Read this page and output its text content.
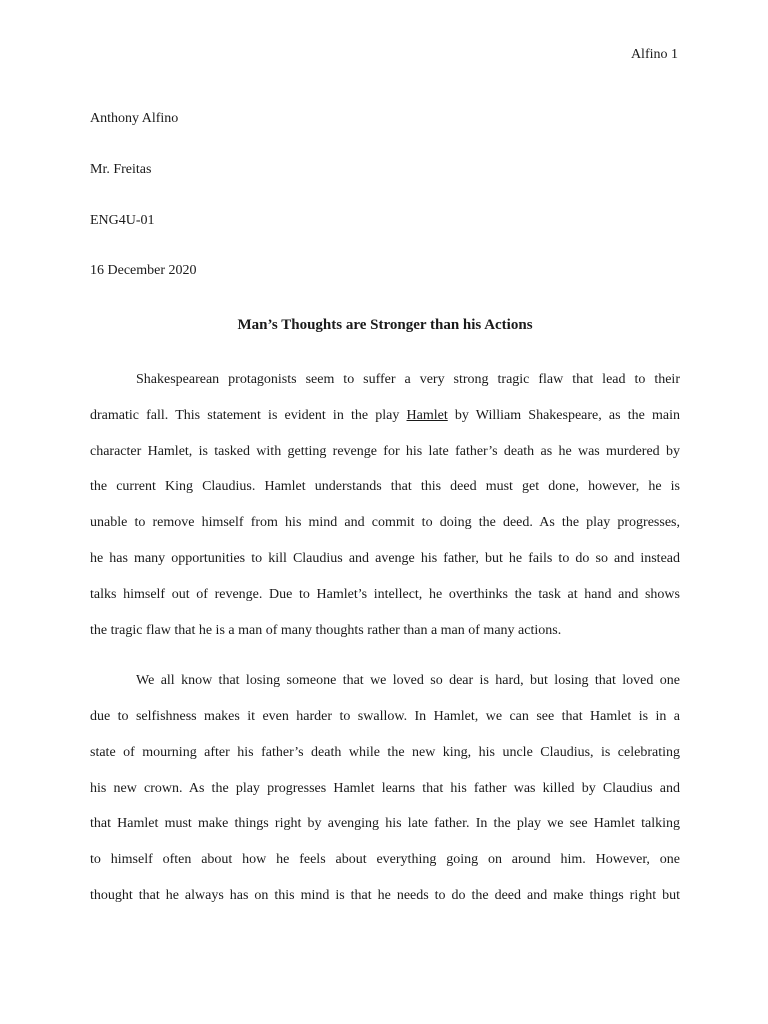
Alfino 1
Anthony Alfino
Mr. Freitas
ENG4U-01
16 December 2020
Man’s Thoughts are Stronger than his Actions
Shakespearean protagonists seem to suffer a very strong tragic flaw that lead to their
dramatic fall. This statement is evident in the play Hamlet by William Shakespeare, as the main
character Hamlet, is tasked with getting revenge for his late father’s death as he was murdered by
the current King Claudius. Hamlet understands that this deed must get done, however, he is
unable to remove himself from his mind and commit to doing the deed. As the play progresses,
he has many opportunities to kill Claudius and avenge his father, but he fails to do so and instead
talks himself out of revenge. Due to Hamlet’s intellect, he overthinks the task at hand and shows
the tragic flaw that he is a man of many thoughts rather than a man of many actions.
We all know that losing someone that we loved so dear is hard, but losing that loved one
due to selfishness makes it even harder to swallow. In Hamlet, we can see that Hamlet is in a
state of mourning after his father’s death while the new king, his uncle Claudius, is celebrating
his new crown. As the play progresses Hamlet learns that his father was killed by Claudius and
that Hamlet must make things right by avenging his late father. In the play we see Hamlet talking
to himself often about how he feels about everything going on around him. However, one
thought that he always has on this mind is that he needs to do the deed and make things right but
